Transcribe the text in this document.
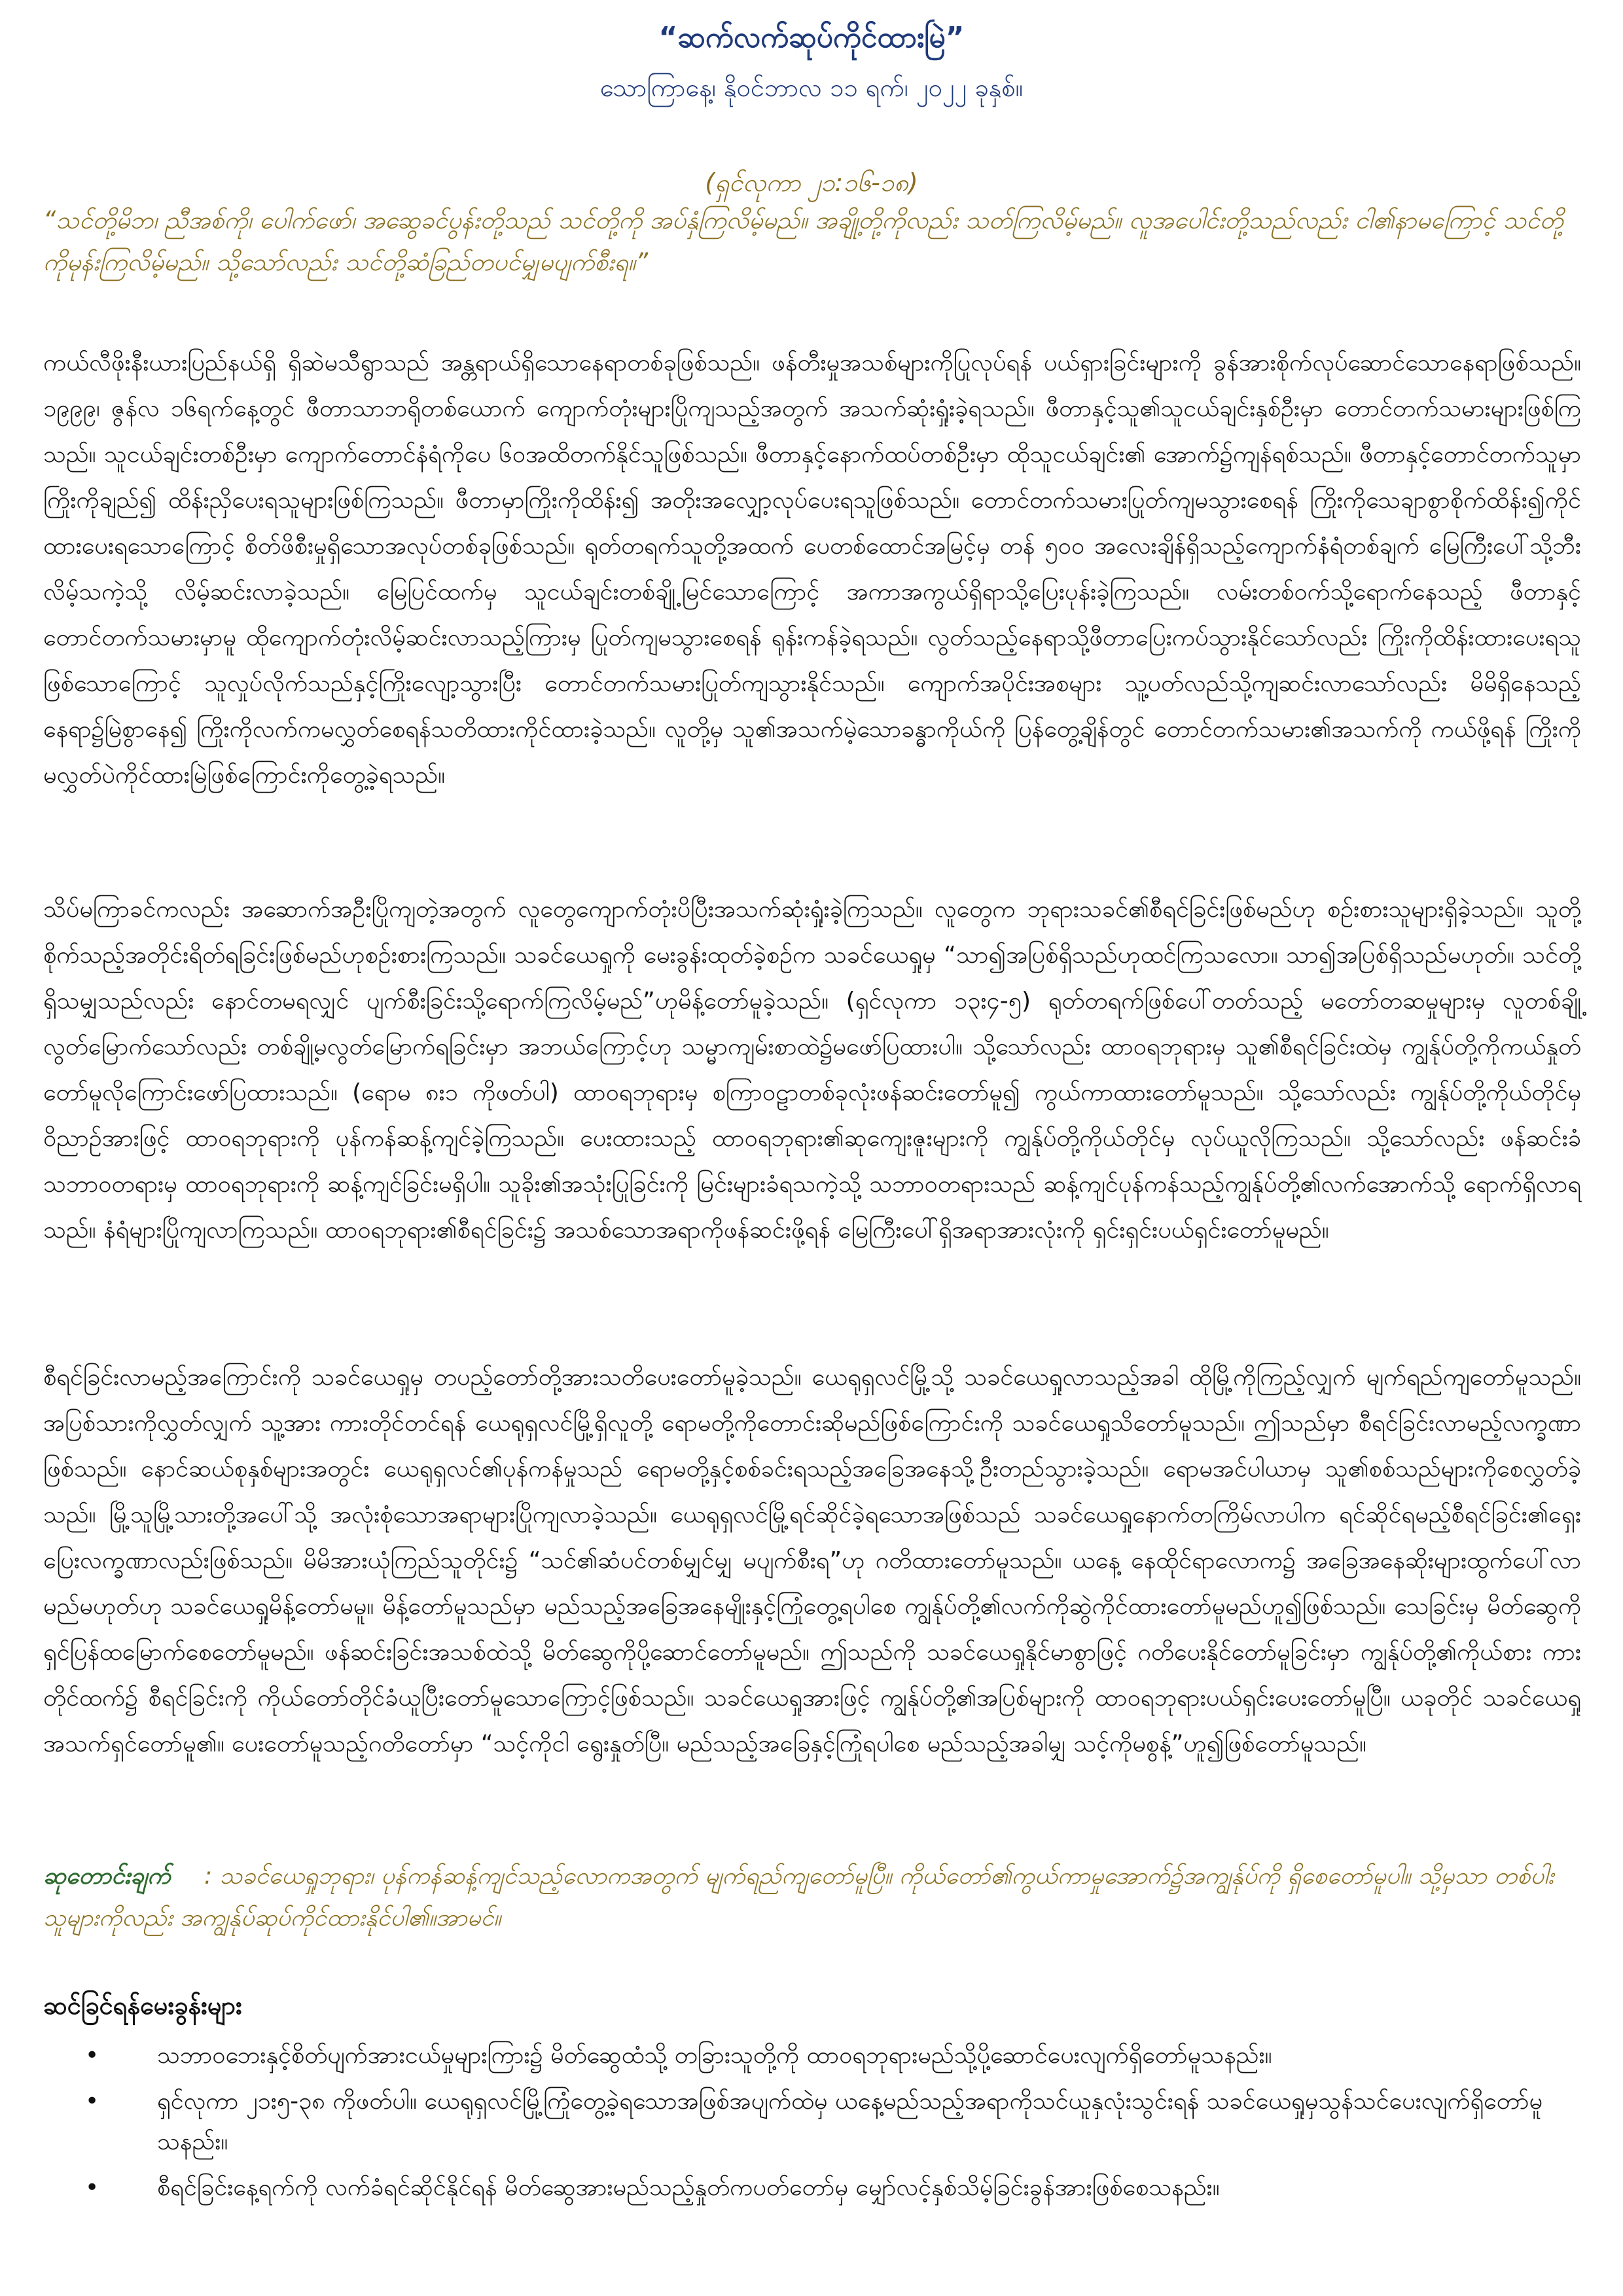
“ဆက်လက်ဆုပ်ကိုင်ထားမြဲ”
သောကြာနေ့၊ နိုဝင်ဘာလ ၁၁ ရက်၊ ၂၀၂၂ ခုနှစ်။
(ရှင်လုကာ ၂၁:၁၆-၁၈)
“သင်တို့မိဘ၊ ညီအစ်ကို၊ ပေါက်ဖော်၊ အဆွေခင်ပွန်းတို့သည် သင်တို့ကို အပ်နှံကြလိမ့်မည်။ အချို့တို့ကိုလည်း သတ်ကြလိမ့်မည်။ လူအပေါင်းတို့သည်လည်း ငါ၏နာမကြောင့် သင်တို့ကိုမုန်းကြလိမ့်မည်။ သို့သော်လည်း သင်တို့ဆံခြည်တပင်မျှမပျက်စီးရ။”
ကယ်လီဖိုးနီးယားပြည်နယ်ရှိ ရှိဆဲမသီရွာသည် အန္တရာယ်ရှိသောနေရာတစ်ခုဖြစ်သည်။ ဖန်တီးမှုအသစ်များကိုပြုလုပ်ရန် ပယ်ရှားခြင်းများကို ခွန်အားစိုက်လုပ်ဆောင်သောနေရာဖြစ်သည်။ ၁၉၉၉၊ ဇွန်လ ၁၆ရက်နေ့တွင် ဖီတာသာဘရိုတစ်ယောက် ကျောက်တုံးများပြိုကျသည့်အတွက် အသက်ဆုံးရှုံးခဲ့ရသည်။ ဖီတာနှင့်သူ၏သူငယ်ချင်းနှစ်ဦးမှာ တောင်တက်သမားများဖြစ်ကြသည်။ သူငယ်ချင်းတစ်ဦးမှာ ကျောက်တောင်နံရံကိုပေ ၆၀အထိတက်နိုင်သူဖြစ်သည်။ ဖီတာနှင့်နောက်ထပ်တစ်ဦးမှာ ထိုသူငယ်ချင်း၏ အောက်၌ကျန်ရစ်သည်။ ဖီတာနှင့်တောင်တက်သူမှာ ကြိုးကိုချည်၍ ထိန်းညှိပေးရသူများဖြစ်ကြသည်။ ဖီတာမှာကြိုးကိုထိန်း၍ အတိုးအလျှော့လုပ်ပေးရသူဖြစ်သည်။ တောင်တက်သမားပြုတ်ကျမသွားစေရန် ကြိုးကိုသေချာစွာစိုက်ထိန်း၍ကိုင်ထားပေးရသောကြောင့် စိတ်ဖိစီးမှုရှိသောအလုပ်တစ်ခုဖြစ်သည်။ ရုတ်တရက်သူတို့အထက် ပေတစ်ထောင်အမြင့်မှ တန် ၅၀၀ အလေးချိန်ရှိသည့်ကျောက်နံရံတစ်ချက် မြေကြီးပေါ်သို့ဘီးလိမ့်သကဲ့သို့ လိမ့်ဆင်းလာခဲ့သည်။ မြေပြင်ထက်မှ သူငယ်ချင်းတစ်ချို့မြင်သောကြောင့် အကာအကွယ်ရှိရာသို့ပြေးပုန်းခဲ့ကြသည်။ လမ်းတစ်ဝက်သို့ရောက်နေသည့် ဖီတာနှင့်တောင်တက်သမားမှာမူ ထိုကျောက်တုံးလိမ့်ဆင်းလာသည့်ကြားမှ ပြုတ်ကျမသွားစေရန် ရုန်းကန်ခဲ့ရသည်။ လွတ်သည့်နေရာသို့ဖီတာပြေးကပ်သွားနိုင်သော်လည်း ကြိုးကိုထိန်းထားပေးရသူဖြစ်သောကြောင့် သူလှုပ်လိုက်သည်နှင့်ကြိုးလျော့သွားပြီး တောင်တက်သမားပြုတ်ကျသွားနိုင်သည်။ ကျောက်အပိုင်းအစများ သူ့ပတ်လည်သို့ကျဆင်းလာသော်လည်း မိမိရှိနေသည့် နေရာ၌မြဲစွာနေ၍ ကြိုးကိုလက်ကမလွှတ်စေရန်သတိထားကိုင်ထားခဲ့သည်။ လူတို့မှ သူ၏အသက်မဲ့သောခန္ဓာကိုယ်ကို ပြန်တွေ့ချိန်တွင် တောင်တက်သမား၏အသက်ကို ကယ်ဖို့ရန် ကြိုးကိုမလွှတ်ပဲကိုင်ထားမြဲဖြစ်ကြောင်းကိုတွေ့ခဲ့ရသည်။
သိပ်မကြာခင်ကလည်း အဆောက်အဦးပြိုကျတဲ့အတွက် လူတွေကျောက်တုံးပိပြီးအသက်ဆုံးရှုံးခဲ့ကြသည်။ လူတွေက ဘုရားသခင်၏စီရင်ခြင်းဖြစ်မည်ဟု စဉ်းစားသူများရှိခဲ့သည်။ သူတို့စိုက်သည့်အတိုင်းရိတ်ရခြင်းဖြစ်မည်ဟုစဉ်းစားကြသည်။ သခင်ယေရှုကို မေးခွန်းထုတ်ခဲ့စဉ်က သခင်ယေရှုမှ “သာ၍အပြစ်ရှိသည်ဟုထင်ကြသလော။ သာ၍အပြစ်ရှိသည်မဟုတ်။ သင်တို့ရှိသမျှသည်လည်း နောင်တမရလျှင် ပျက်စီးခြင်းသို့ရောက်ကြလိမ့်မည်”ဟုမိန့်တော်မူခဲ့သည်။ (ရှင်လုကာ ၁၃း၄-၅) ရုတ်တရက်ဖြစ်ပေါ်တတ်သည့် မတော်တဆမှုများမှ လူတစ်ချို့လွတ်မြောက်သော်လည်း တစ်ချို့မလွတ်မြောက်ရခြင်းမှာ အဘယ်ကြောင့်ဟု သမ္မာကျမ်းစာထဲ၌မဖော်ပြထားပါ။ သို့သော်လည်း ထာဝရဘုရားမှ သူ၏စီရင်ခြင်းထဲမှ ကျွန်ုပ်တို့ကိုကယ်နှုတ်တော်မူလိုကြောင်းဖော်ပြထားသည်။ (ရောမ ၈း၁ ကိုဖတ်ပါ) ထာဝရဘုရားမှ စကြာဝဠာတစ်ခုလုံးဖန်ဆင်းတော်မူ၍ ကွယ်ကာထားတော်မူသည်။ သို့သော်လည်း ကျွန်ုပ်တို့ကိုယ်တိုင်မှ ဝိညာဉ်အားဖြင့် ထာဝရဘုရားကို ပုန်ကန်ဆန့်ကျင်ခဲ့ကြသည်။ ပေးထားသည့် ထာဝရဘုရား၏ဆုကျေးဇူးများကို ကျွန်ုပ်တို့ကိုယ်တိုင်မှ လုပ်ယူလိုကြသည်။ သို့သော်လည်း ဖန်ဆင်းခံသဘာဝတရားမှ ထာဝရဘုရားကို ဆန့်ကျင်ခြင်းမရှိပါ။ သူခိုး၏အသုံးပြုခြင်းကို မြင်းများခံရသကဲ့သို့ သဘာဝတရားသည် ဆန့်ကျင်ပုန်ကန်သည့်ကျွန်ုပ်တို့၏လက်အောက်သို့ ရောက်ရှိလာရသည်။ နံရံများပြိုကျလာကြသည်။ ထာဝရဘုရား၏စီရင်ခြင်း၌ အသစ်သောအရာကိုဖန်ဆင်းဖို့ရန် မြေကြီးပေါ်ရှိအရာအားလုံးကို ရှင်းရှင်းပယ်ရှင်းတော်မူမည်။
စီရင်ခြင်းလာမည့်အကြောင်းကို သခင်ယေရှုမှ တပည့်တော်တို့အားသတိပေးတော်မူခဲ့သည်။ ယေရုရှလင်မြို့သို့ သခင်ယေရှုလာသည့်အခါ ထိုမြို့ကိုကြည့်လျှက် မျက်ရည်ကျတော်မူသည်။ အပြစ်သားကိုလွှတ်လျှက် သူ့အား ကားတိုင်တင်ရန် ယေရုရှလင်မြို့ရှိလူတို့ ရောမတို့ကိုတောင်းဆိုမည်ဖြစ်ကြောင်းကို သခင်ယေရှုသိတော်မူသည်။ ဤသည်မှာ စီရင်ခြင်းလာမည့်လက္ခဏာဖြစ်သည်။ နောင်ဆယ်စုနှစ်များအတွင်း ယေရုရှလင်၏ပုန်ကန်မှုသည် ရောမတို့နှင့်စစ်ခင်းရသည့်အခြေအနေသို့ဦးတည်သွားခဲ့သည်။ ရောမအင်ပါယာမှ သူ၏စစ်သည်များကိုစေလွှတ်ခဲ့သည်။ မြို့သူမြို့သားတို့အပေါ်သို့ အလုံးစုံသောအရာများပြိုကျလာခဲ့သည်။ ယေရုရှလင်မြို့ရင်ဆိုင်ခဲ့ရသောအဖြစ်သည် သခင်ယေရှုနောက်တကြိမ်လာပါက ရင်ဆိုင်ရမည့်စီရင်ခြင်း၏ရှေးပြေးလက္ခဏာလည်းဖြစ်သည်။ မိမိအားယုံကြည်သူတိုင်း၌ “သင်၏ဆံပင်တစ်မျှင်မျှ မပျက်စီးရ”ဟု ဂတိထားတော်မူသည်။ ယနေ့ နေထိုင်ရာလောက၌ အခြေအနေဆိုးများထွက်ပေါ်လာမည်မဟုတ်ဟု သခင်ယေရှုမိန့်တော်မမူ။ မိန့်တော်မူသည်မှာ မည်သည့်အခြေအနေမျိုးနှင့်ကြုံတွေ့ရပါစေ ကျွန်ုပ်တို့၏လက်ကိုဆွဲကိုင်ထားတော်မူမည်ဟူ၍ဖြစ်သည်။ သေခြင်းမှ မိတ်ဆွေကို ရှင်ပြန်ထမြောက်စေတော်မူမည်။ ဖန်ဆင်းခြင်းအသစ်ထဲသို့ မိတ်ဆွေကိုပို့ဆောင်တော်မူမည်။ ဤသည်ကို သခင်ယေရှုနိုင်မာစွာဖြင့် ဂတိပေးနိုင်တော်မူခြင်းမှာ ကျွန်ုပ်တို့၏ကိုယ်စား ကားတိုင်ထက်၌ စီရင်ခြင်းကို ကိုယ်တော်တိုင်ခံယူပြီးတော်မူသောကြောင့်ဖြစ်သည်။ သခင်ယေရှုအားဖြင့် ကျွန်ုပ်တို့၏အပြစ်များကို ထာဝရဘုရားပယ်ရှင်းပေးတော်မူပြီ။ ယခုတိုင် သခင်ယေရှုအသက်ရှင်တော်မူ၏။ ပေးတော်မူသည့်ဂတိတော်မှာ “သင့်ကိုငါ ရွေးနှုတ်ပြီ။ မည်သည့်အခြေနှင့်ကြုံရပါစေ မည်သည့်အခါမျှ သင့်ကိုမစွန့်”ဟူ၍ဖြစ်တော်မူသည်။
ဆုတောင်းချက် : သခင်ယေရှုဘုရား၊ ပုန်ကန်ဆန့်ကျင်သည့်လောကအတွက် မျက်ရည်ကျတော်မူပြီ။ ကိုယ်တော်၏ကွယ်ကာမှုအောက်၌အကျွန်ုပ်ကို ရှိစေတော်မူပါ။ သို့မှသာ တစ်ပါးသူများကိုလည်း အကျွန်ုပ်ဆုပ်ကိုင်ထားနိုင်ပါ၏။အာမင်။
ဆင်ခြင်ရန်မေးခွန်းများ
• သဘာဝဘေးနှင့်စိတ်ပျက်အားငယ်မှုများကြား၌ မိတ်ဆွေထံသို့ တခြားသူတို့ကို ထာဝရဘုရားမည်သို့ပို့ဆောင်ပေးလျက်ရှိတော်မူသနည်း။
• ရှင်လုကာ ၂၁း၅-၃၈ ကိုဖတ်ပါ။ ယေရုရှလင်မြို့ကြုံတွေ့ခဲ့ရသောအဖြစ်အပျက်ထဲမှ ယနေ့မည်သည့်အရာကိုသင်ယူနှလုံးသွင်းရန် သခင်ယေရှုမှသွန်သင်ပေးလျက်ရှိတော်မူသနည်း။
• စီရင်ခြင်းနေ့ရက်ကို လက်ခံရင်ဆိုင်နိုင်ရန် မိတ်ဆွေအားမည်သည့်နှုတ်ကပတ်တော်မှ မျှော်လင့်နှစ်သိမ့်ခြင်းခွန်အားဖြစ်စေသနည်း။
